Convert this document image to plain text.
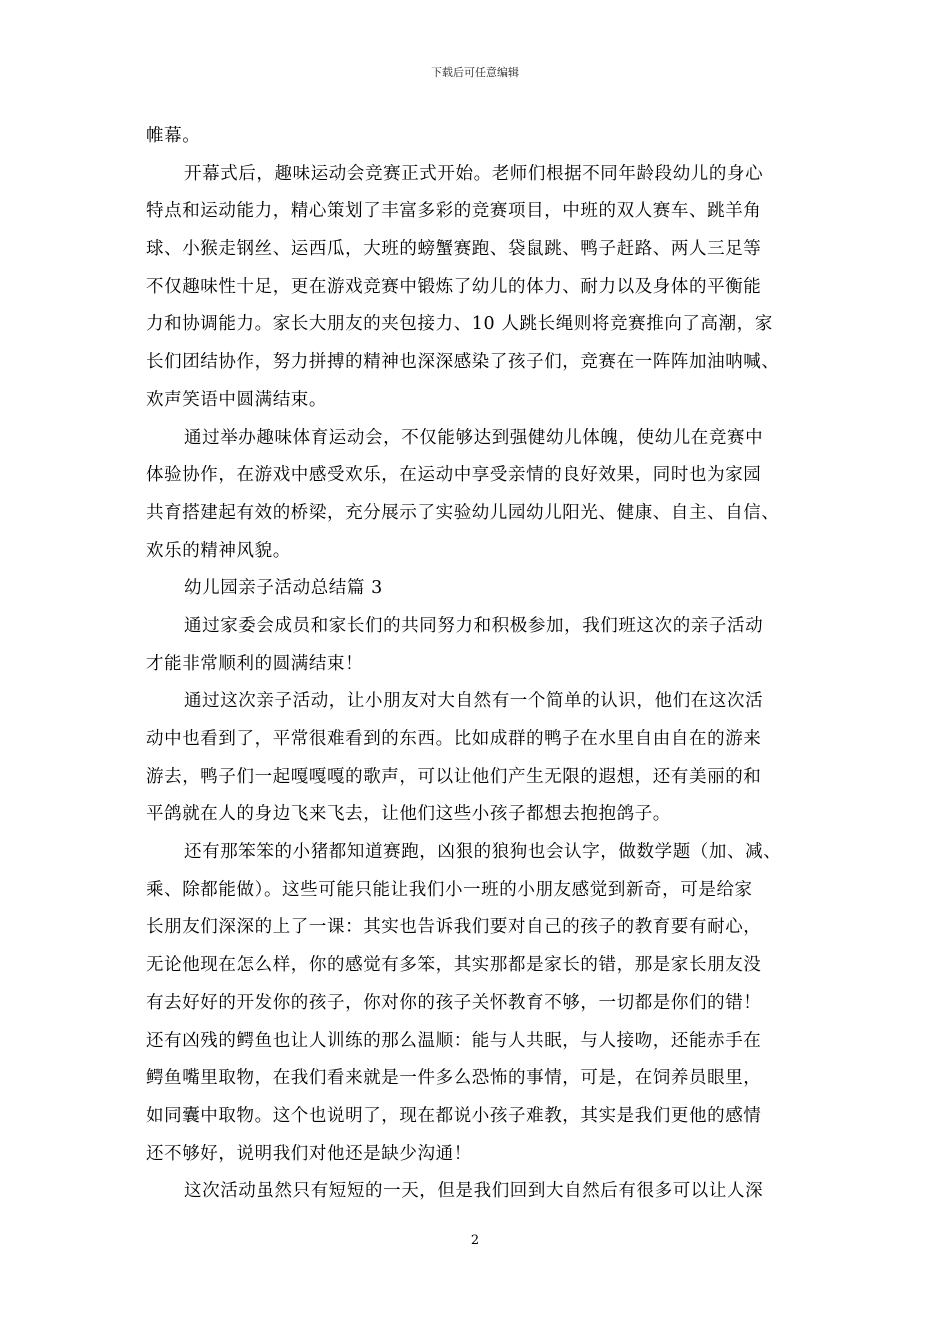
下载后可任意编辑
帷幕。
开幕式后，趣味运动会竞赛正式开始。老师们根据不同年龄段幼儿的身心
特点和运动能力，精心策划了丰富多彩的竞赛项目，中班的双人赛车、跳羊角
球、小猴走钢丝、运西瓜，大班的螃蟹赛跑、袋鼠跳、鸭子赶路、两人三足等
不仅趣味性十足，更在游戏竞赛中锻炼了幼儿的体力、耐力以及身体的平衡能
力和协调能力。家长大朋友的夹包接力、10 人跳长绳则将竞赛推向了高潮，家
长们团结协作，努力拼搏的精神也深深感染了孩子们，竞赛在一阵阵加油呐喊、
欢声笑语中圆满结束。
通过举办趣味体育运动会，不仅能够达到强健幼儿体魄，使幼儿在竞赛中
体验协作，在游戏中感受欢乐，在运动中享受亲情的良好效果，同时也为家园
共育搭建起有效的桥梁，充分展示了实验幼儿园幼儿阳光、健康、自主、自信、
欢乐的精神风貌。
幼儿园亲子活动总结篇 3
通过家委会成员和家长们的共同努力和积极参加，我们班这次的亲子活动
才能非常顺利的圆满结束！
通过这次亲子活动，让小朋友对大自然有一个简单的认识，他们在这次活
动中也看到了，平常很难看到的东西。比如成群的鸭子在水里自由自在的游来
游去，鸭子们一起嘎嘎嘎的歌声，可以让他们产生无限的遐想，还有美丽的和
平鸽就在人的身边飞来飞去，让他们这些小孩子都想去抱抱鸽子。
还有那笨笨的小猪都知道赛跑，凶狠的狼狗也会认字，做数学题（加、减、
乘、除都能做）。这些可能只能让我们小一班的小朋友感觉到新奇，可是给家
长朋友们深深的上了一课：其实也告诉我们要对自己的孩子的教育要有耐心，
无论他现在怎么样，你的感觉有多笨，其实那都是家长的错，那是家长朋友没
有去好好的开发你的孩子，你对你的孩子关怀教育不够，一切都是你们的错！
还有凶残的鳄鱼也让人训练的那么温顺：能与人共眠，与人接吻，还能赤手在
鳄鱼嘴里取物，在我们看来就是一件多么恐怖的事情，可是，在饲养员眼里，
如同囊中取物。这个也说明了，现在都说小孩子难教，其实是我们更他的感情
还不够好，说明我们对他还是缺少沟通！
这次活动虽然只有短短的一天，但是我们回到大自然后有很多可以让人深
2
